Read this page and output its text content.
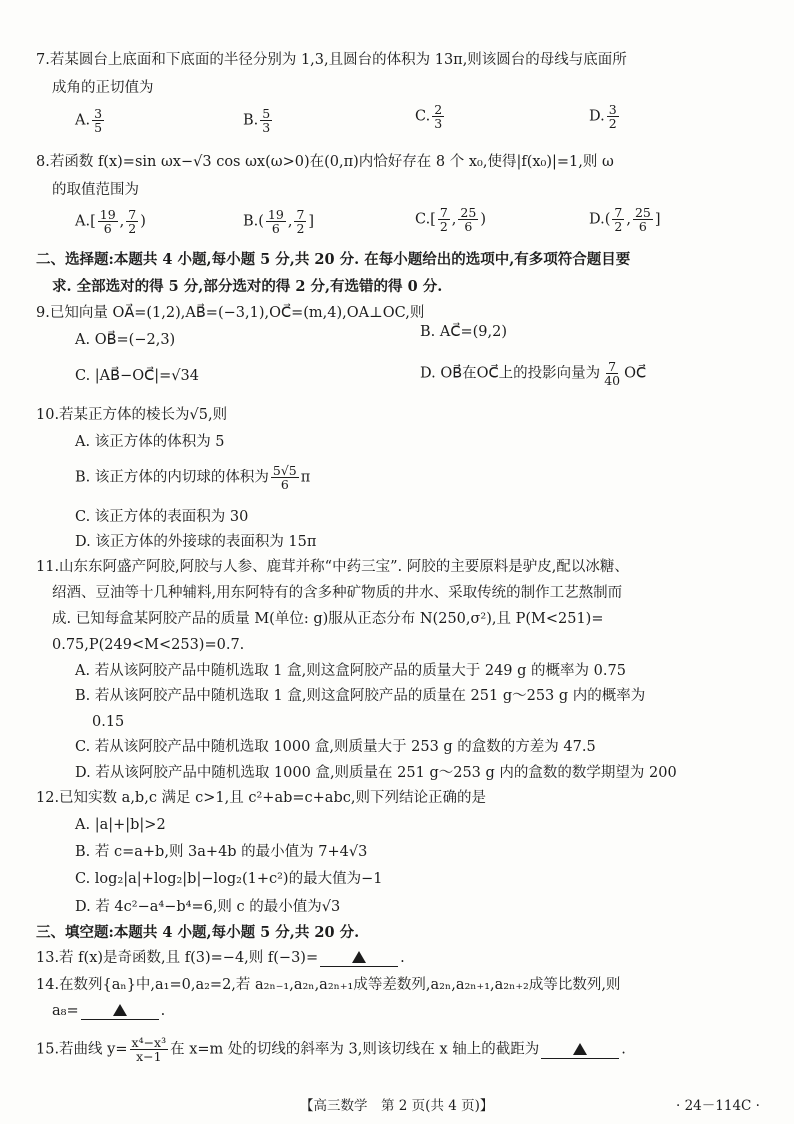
7.若某圆台上底面和下底面的半径分别为 1,3,且圆台的体积为 13π,则该圆台的母线与底面所
成角的正切值为
A. $\frac{3}{5}$	B. $\frac{5}{3}$	C. $\frac{2}{3}$	D. $\frac{3}{2}$
8.若函数 f(x)=sin ωx−√3 cos ωx(ω>0)在(0,π)内恰好存在 8 个 x₀,使得|f(x₀)|=1,则 ω
的取值范围为
$A.[ \frac{19}{6}$ , $\frac{7}{2}$ )	$B.( \frac{19}{6}$ , $\frac{7}{2}$ ]	$C.[ \frac{7}{2}$ , $\frac{25}{6}$ )	$D.( \frac{7}{2}$ , $\frac{25}{6}$ ]
二、选择题:本题共 4 小题,每小题 5 分,共 20 分. 在每小题给出的选项中,有多项符合题目要
求. 全部选对的得 5 分,部分选对的得 2 分,有选错的得 0 分.
9.已知向量 OA⃗=(1,2),AB⃗=(−3,1),OC⃗=(m,4),OA⊥OC,则
A. OB⃗=(−2,3)	B. AC⃗=(9,2)
C. |AB⃗−OC⃗|=√34	D. OB⃗在OC⃗上的投影向量为 $\frac{7}{40}$ OC⃗
10.若某正方体的棱长为√5,则
A. 该正方体的体积为 5
B. 该正方体的内切球的体积为 $\frac{5√5}{6}$ π
C. 该正方体的表面积为 30
D. 该正方体的外接球的表面积为 15π
11.山东东阿盛产阿胶,阿胶与人参、鹿茸并称“中药三宝”. 阿胶的主要原料是驴皮,配以冰糖、
绍酒、豆油等十几种辅料,用东阿特有的含多种矿物质的井水、采取传统的制作工艺熬制而
成. 已知每盒某阿胶产品的质量 M(单位: g)服从正态分布 N(250,σ²),且 P(M<251)=
0.75,P(249<M<253)=0.7.
A. 若从该阿胶产品中随机选取 1 盒,则这盒阿胶产品的质量大于 249 g 的概率为 0.75
B. 若从该阿胶产品中随机选取 1 盒,则这盒阿胶产品的质量在 251 g～253 g 内的概率为
0.15
C. 若从该阿胶产品中随机选取 1000 盒,则质量大于 253 g 的盒数的方差为 47.5
D. 若从该阿胶产品中随机选取 1000 盒,则质量在 251 g～253 g 内的盒数的数学期望为 200
12.已知实数 a,b,c 满足 c>1,且 c²+ab=c+abc,则下列结论正确的是
A. |a|+|b|>2
B. 若 c=a+b,则 3a+4b 的最小值为 7+4√3
C. log₂|a|+log₂|b|−log₂(1+c²)的最大值为−1
D. 若 4c²−a⁴−b⁴=6,则 c 的最小值为√3
三、填空题:本题共 4 小题,每小题 5 分,共 20 分.
13.若 f(x)是奇函数,且 f(3)=−4,则 f(−3)=	.
14.在数列{aₙ}中,a₁=0,a₂=2,若 a₂ₙ₋₁,a₂ₙ,a₂ₙ₊₁成等差数列,a₂ₙ,a₂ₙ₊₁,a₂ₙ₊₂成等比数列,则
a₈=	.
15.若曲线 $y= \frac{\text{x⁴−x³}}{x-1}$ 在 x=m 处的切线的斜率为 3,则该切线在 x 轴上的截距为	.
【高三数学　第 2 页(共 4 页)】	· 24－114C ·
